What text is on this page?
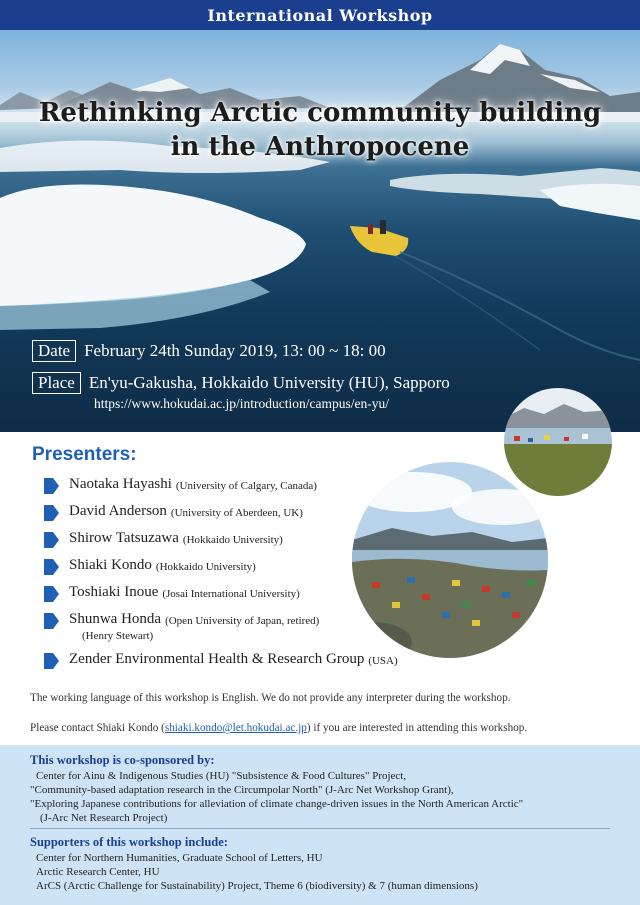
International Workshop
Rethinking Arctic community building
in the Anthropocene
Date February 24th Sunday 2019, 13: 00 ~ 18: 00
Place En'yu-Gakusha, Hokkaido University (HU), Sapporo
https://www.hokudai.ac.jp/introduction/campus/en-yu/
Presenters:
Naotaka Hayashi
(University of Calgary, Canada)
David Anderson
(University of Aberdeen, UK)
Shirow Tatsuzawa
(Hokkaido University)
Shiaki Kondo
(Hokkaido University)
Toshiaki Inoue
(Josai International University)
Shunwa Honda
(Open University of Japan, retired)
(Henry Stewart)
Zender Environmental Health & Research Group
(USA)
The working language of this workshop is English. We do not provide any interpreter during the workshop.
Please contact Shiaki Kondo (shiaki.kondo@let.hokudai.ac.jp) if you are interested in attending this workshop.
This workshop is co-sponsored by:
Center for Ainu & Indigenous Studies (HU) "Subsistence & Food Cultures" Project,
"Community-based adaptation research in the Circumpolar North" (J-Arc Net Workshop Grant),
"Exploring Japanese contributions for alleviation of climate change-driven issues in the North American Arctic"
(J-Arc Net Research Project)
Supporters of this workshop include:
Center for Northern Humanities, Graduate School of Letters, HU
Arctic Research Center, HU
ArCS (Arctic Challenge for Sustainability) Project, Theme 6 (biodiversity) & 7 (human dimensions)
